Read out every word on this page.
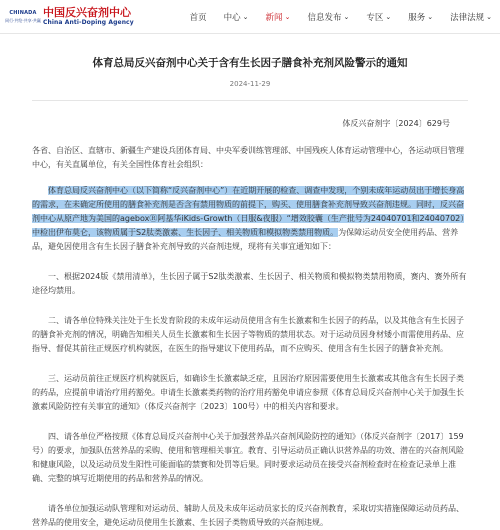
CHINADA
同行·共绘·共享·共赢
中国反兴奋剂中心
China Anti-Doping Agency	首页 中心 ⌄ 新闻 ⌄ 信息发布 ⌄ 专区 ⌄ 服务 ⌄ 法律法规 ⌄
体育总局反兴奋剂中心关于含有生长因子膳食补充剂风险警示的通知
2024-11-29
体反兴奋剂字〔2024〕629号

各省、自治区、直辖市、新疆生产建设兵团体育局、中央军委训练管理部、中国残疾人体育运动管理中心，各运动项目管理中心，有关直属单位，有关全国性体育社会组织：

体育总局反兴奋剂中心（以下简称“反兴奋剂中心”）在近期开展的检查、调查中发现，个别未成年运动员出于增长身高的需求，在未确定所使用的膳食补充剂是否含有禁用物质的前提下，购买、使用膳食补充剂导致兴奋剂违规。同时，反兴奋剂中心从原产地为美国的ageboxⓇ阿基华iKids-Growth（日服&夜服）“增效胶囊（生产批号为24040701和24040702）中检出伊布莫仑，该物质属于S2肽类激素、生长因子、相关物质和模拟物类禁用物质。为保障运动员安全使用药品、营养品，避免因使用含有生长因子膳食补充剂导致的兴奋剂违规，现将有关事宜通知如下：

一、根据2024版《禁用清单》，生长因子属于S2肽类激素、生长因子、相关物质和模拟物类禁用物质，赛内、赛外所有途径均禁用。

二、请各单位特殊关注处于生长发育阶段的未成年运动员使用含有生长激素和生长因子的药品，以及其他含有生长因子的膳食补充剂的情况，明确告知相关人员生长激素和生长因子等物质的禁用状态。对于运动员因身材矮小而需使用药品、应指导、督促其前往正规医疗机构就医，在医生的指导建议下使用药品，而不应购买、使用含有生长因子的膳食补充剂。

三、运动员前往正规医疗机构就医后，如确诊生长激素缺乏症，且因治疗原因需要使用生长激素或其他含有生长因子类的药品，应提前申请治疗用药豁免。申请生长激素类药物的治疗用药豁免申请应参照《体育总局反兴奋剂中心关于加强生长激素风险防控有关事宜的通知》（体反兴奋剂字〔2023〕100号）中的相关内容和要求。

四、请各单位严格按照《体育总局反兴奋剂中心关于加强营养品兴奋剂风险防控的通知》（体反兴奋剂字〔2017〕159号）的要求，加强队伍营养品的采购、使用和管理相关事宜。教育、引导运动员正确认识营养品的功效、潜在的兴奋剂风险和健康风险，以及运动员发生阳性可能面临的禁赛和处罚等后果。同时要求运动员在接受兴奋剂检查时在检查记录单上准确、完整的填写近期使用的药品和营养品的情况。

请各单位加强运动队管理和对运动员、辅助人员及未成年运动员家长的反兴奋剂教育，采取切实措施保障运动员药品、营养品的使用安全，避免运动员使用生长激素、生长因子类物质导致的兴奋剂违规。
